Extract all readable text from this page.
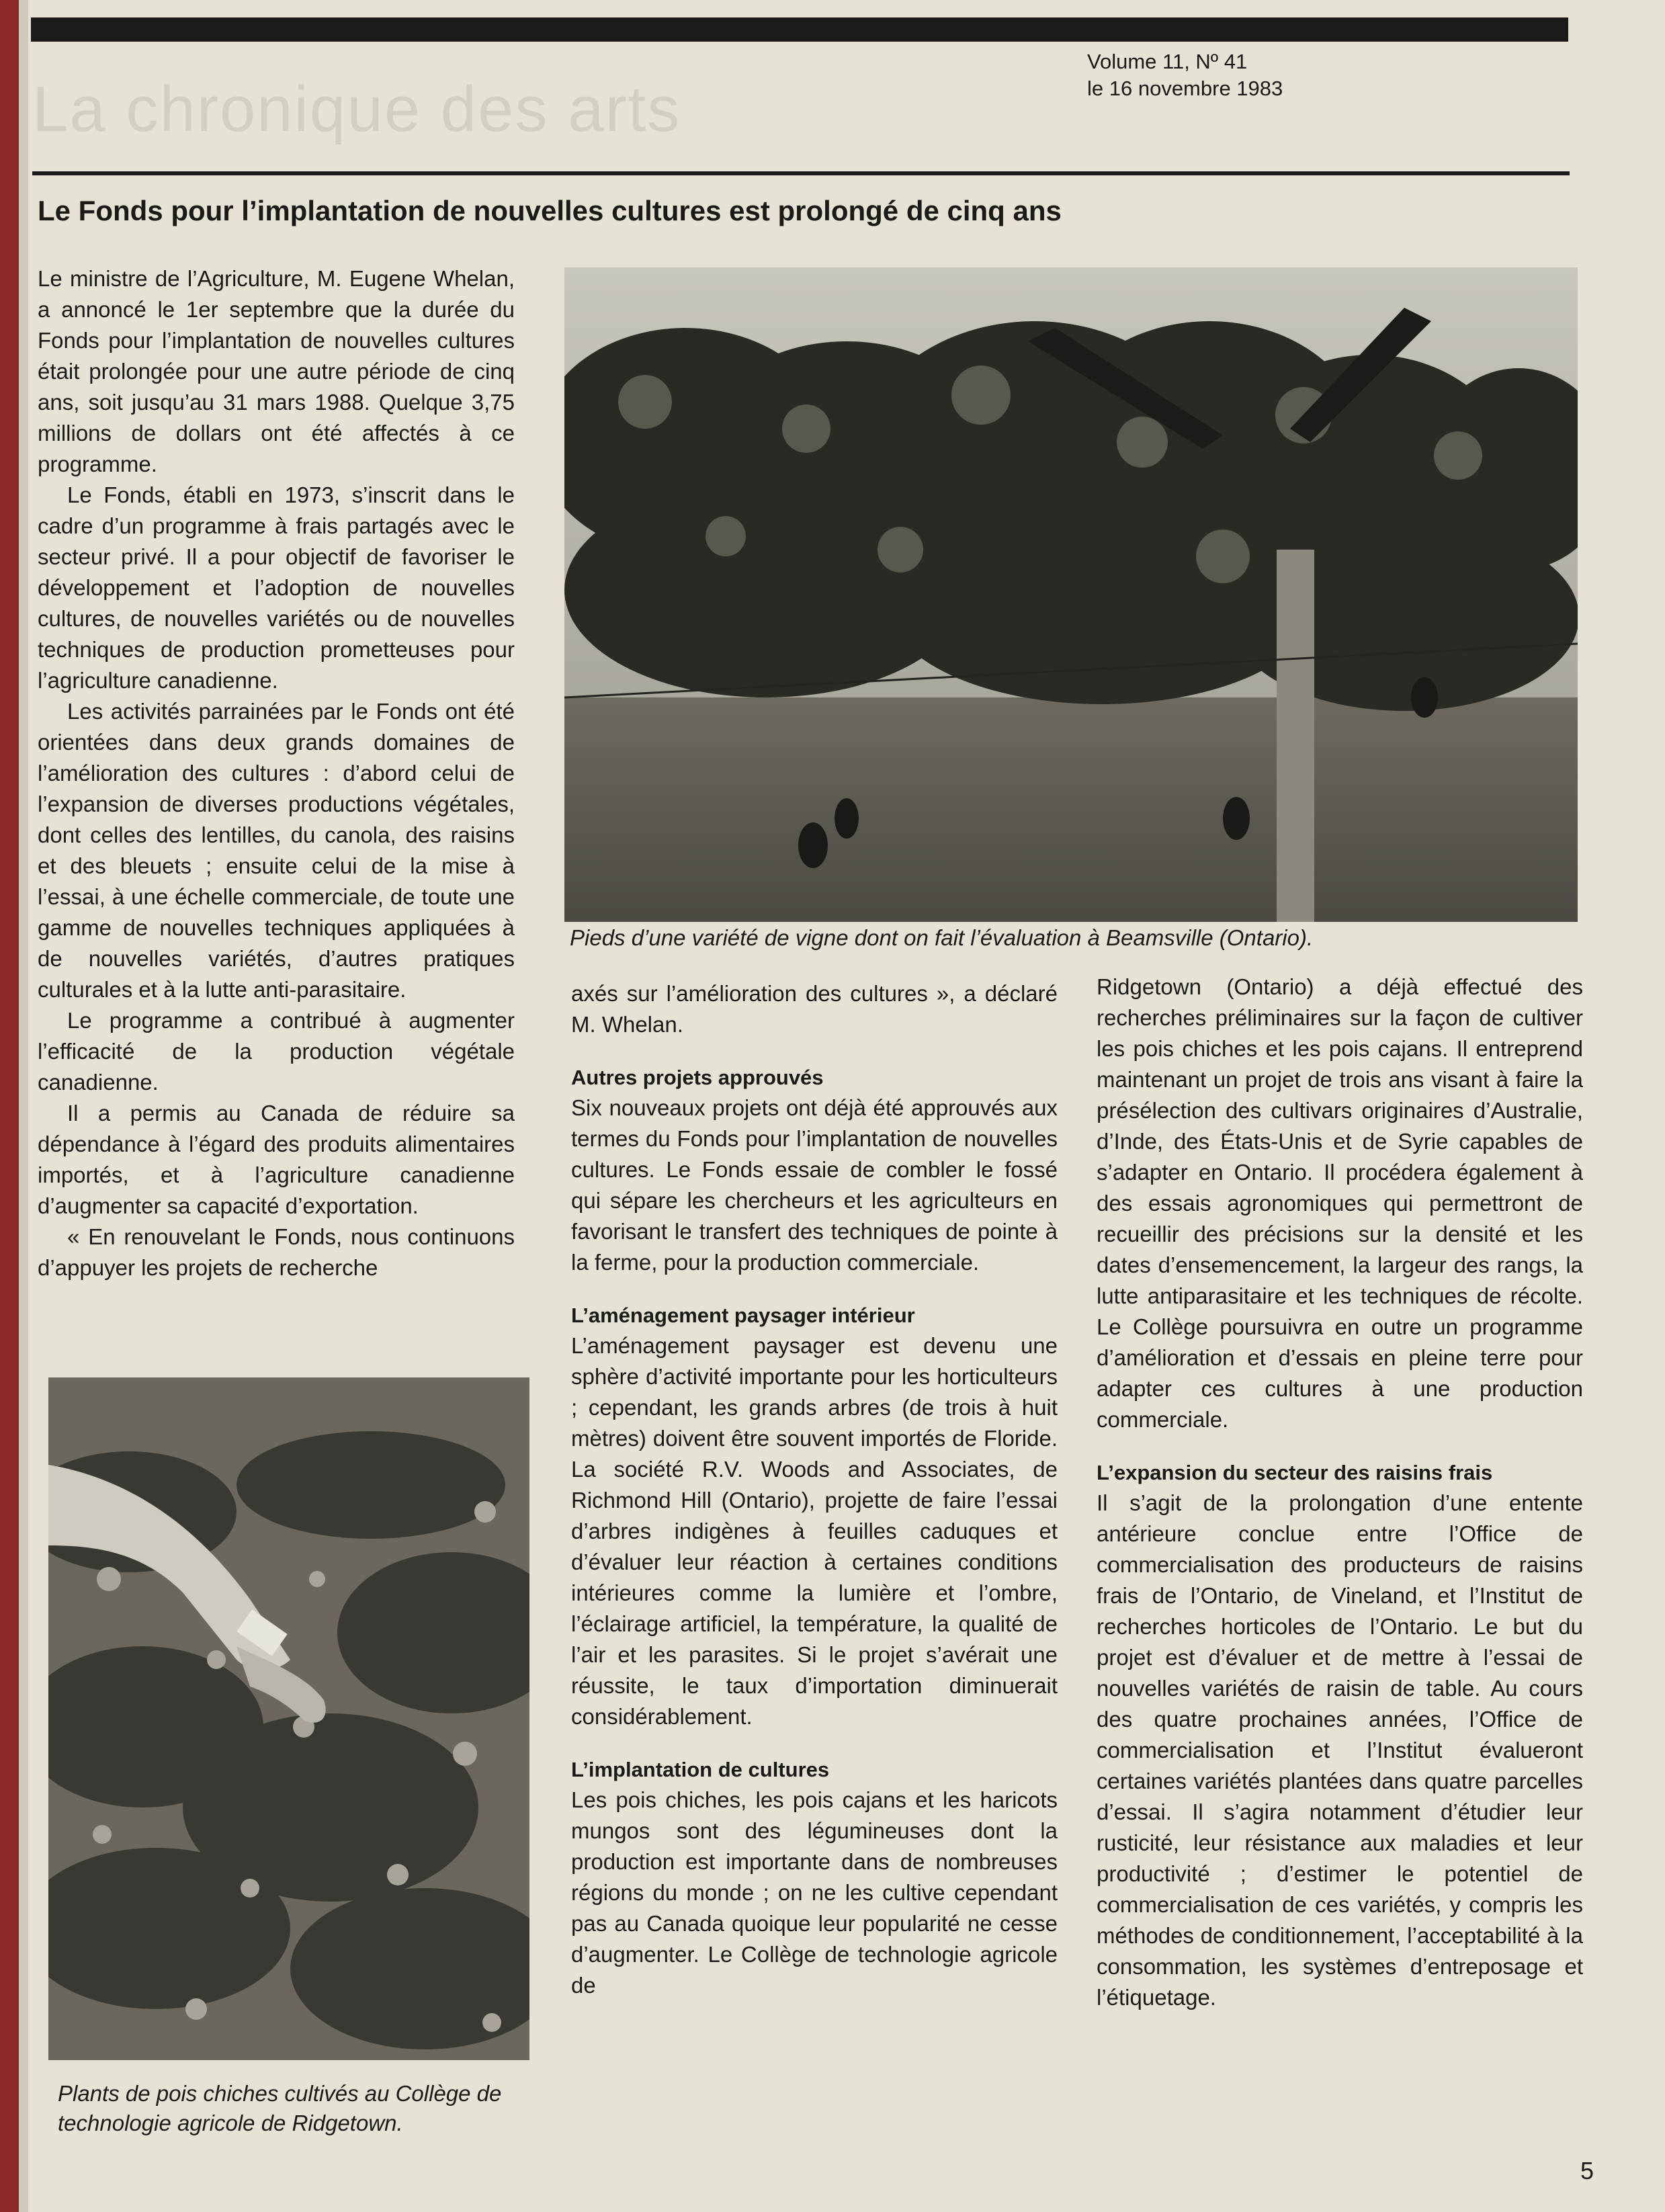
Volume 11, Nº 41
le 16 novembre 1983
La chronique des arts
Le Fonds pour l’implantation de nouvelles cultures est prolongé de cinq ans

Le ministre de l’Agriculture, M. Eugene Whelan, a annoncé le 1er septembre que la durée du Fonds pour l’implantation de nouvelles cultures était prolongée pour une autre période de cinq ans, soit jusqu’au 31 mars 1988. Quelque 3,75 millions de dollars ont été affectés à ce programme.

Le Fonds, établi en 1973, s’inscrit dans le cadre d’un programme à frais partagés avec le secteur privé. Il a pour objectif de favoriser le développement et l’adoption de nouvelles cultures, de nouvelles variétés ou de nouvelles techniques de production prometteuses pour l’agriculture canadienne.

Les activités parrainées par le Fonds ont été orientées dans deux grands domaines de l’amélioration des cultures : d’abord celui de l’expansion de diverses productions végétales, dont celles des lentilles, du canola, des raisins et des bleuets ; ensuite celui de la mise à l’essai, à une échelle commerciale, de toute une gamme de nouvelles techniques appliquées à de nouvelles variétés, d’autres pratiques culturales et à la lutte anti-parasitaire.

Le programme a contribué à augmenter l’efficacité de la production végétale canadienne.

Il a permis au Canada de réduire sa dépendance à l’égard des produits alimentaires importés, et à l’agriculture canadienne d’augmenter sa capacité d’exportation.

« En renouvelant le Fonds, nous continuons d’appuyer les projets de recherche

Pieds d’une variété de vigne dont on fait l’évaluation à Beamsville (Ontario).

axés sur l’amélioration des cultures », a déclaré M. Whelan.

Autres projets approuvés

Six nouveaux projets ont déjà été approuvés aux termes du Fonds pour l’implantation de nouvelles cultures. Le Fonds essaie de combler le fossé qui sépare les chercheurs et les agriculteurs en favorisant le transfert des techniques de pointe à la ferme, pour la production commerciale.

L’aménagement paysager intérieur

L’aménagement paysager est devenu une sphère d’activité importante pour les horticulteurs ; cependant, les grands arbres (de trois à huit mètres) doivent être souvent importés de Floride. La société R.V. Woods and Associates, de Richmond Hill (Ontario), projette de faire l’essai d’arbres indigènes à feuilles caduques et d’évaluer leur réaction à certaines conditions intérieures comme la lumière et l’ombre, l’éclairage artificiel, la température, la qualité de l’air et les parasites. Si le projet s’avérait une réussite, le taux d’importation diminuerait considérablement.

L’implantation de cultures

Les pois chiches, les pois cajans et les haricots mungos sont des légumineuses dont la production est importante dans de nombreuses régions du monde ; on ne les cultive cependant pas au Canada quoique leur popularité ne cesse d’augmenter. Le Collège de technologie agricole de

Ridgetown (Ontario) a déjà effectué des recherches préliminaires sur la façon de cultiver les pois chiches et les pois cajans. Il entreprend maintenant un projet de trois ans visant à faire la présélection des cultivars originaires d’Australie, d’Inde, des États-Unis et de Syrie capables de s’adapter en Ontario. Il procédera également à des essais agronomiques qui permettront de recueillir des précisions sur la densité et les dates d’ensemencement, la largeur des rangs, la lutte antiparasitaire et les techniques de récolte. Le Collège poursuivra en outre un programme d’amélioration et d’essais en pleine terre pour adapter ces cultures à une production commerciale.

L’expansion du secteur des raisins frais

Il s’agit de la prolongation d’une entente antérieure conclue entre l’Office de commercialisation des producteurs de raisins frais de l’Ontario, de Vineland, et l’Institut de recherches horticoles de l’Ontario. Le but du projet est d’évaluer et de mettre à l’essai de nouvelles variétés de raisin de table. Au cours des quatre prochaines années, l’Office de commercialisation et l’Institut évalueront certaines variétés plantées dans quatre parcelles d’essai. Il s’agira notamment d’étudier leur rusticité, leur résistance aux maladies et leur productivité ; d’estimer le potentiel de commercialisation de ces variétés, y compris les méthodes de conditionnement, l’acceptabilité à la consommation, les systèmes d’entreposage et l’étiquetage.

Plants de pois chiches cultivés au Collège de technologie agricole de Ridgetown.
5
